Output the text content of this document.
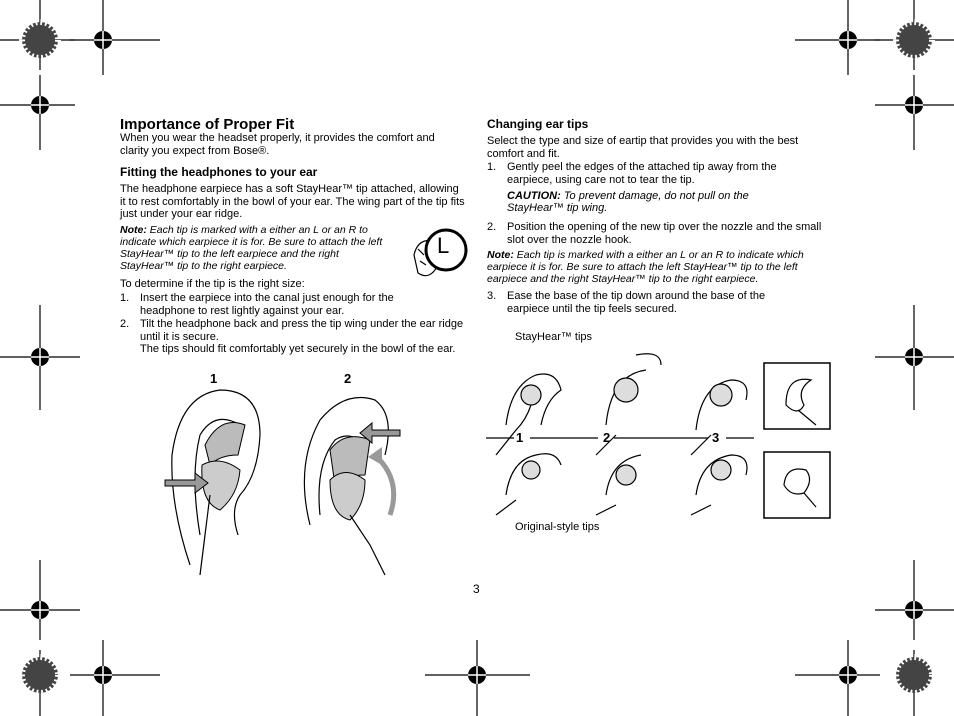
Importance of Proper Fit
When you wear the headset properly, it provides the comfort and clarity you expect from Bose®.
Fitting the headphones to your ear
The headphone earpiece has a soft StayHear™ tip attached, allowing it to rest comfortably in the bowl of your ear. The wing part of the tip fits just under your ear ridge.
Note: Each tip is marked with a either an L or an R to indicate which earpiece it is for. Be sure to attach the left StayHear™ tip to the left earpiece and the right StayHear™ tip to the right earpiece.
L
To determine if the tip is the right size:
1. Insert the earpiece into the canal just enough for the headphone to rest lightly against your ear.
2. Tilt the headphone back and press the tip wing under the ear ridge until it is secure.
The tips should fit comfortably yet securely in the bowl of the ear.
1	2
Changing ear tips
Select the type and size of eartip that provides you with the best comfort and fit.
1. Gently peel the edges of the attached tip away from the earpiece, using care not to tear the tip.
CAUTION: To prevent damage, do not pull on the StayHear™ tip wing.
2. Position the opening of the new tip over the nozzle and the small slot over the nozzle hook.
Note: Each tip is marked with a either an L or an R to indicate which earpiece it is for. Be sure to attach the left StayHear™ tip to the left earpiece and the right StayHear™ tip to the right earpiece.
3. Ease the base of the tip down around the base of the earpiece until the tip feels secured.
StayHear™ tips
Original-style tips
1	2	3
3
